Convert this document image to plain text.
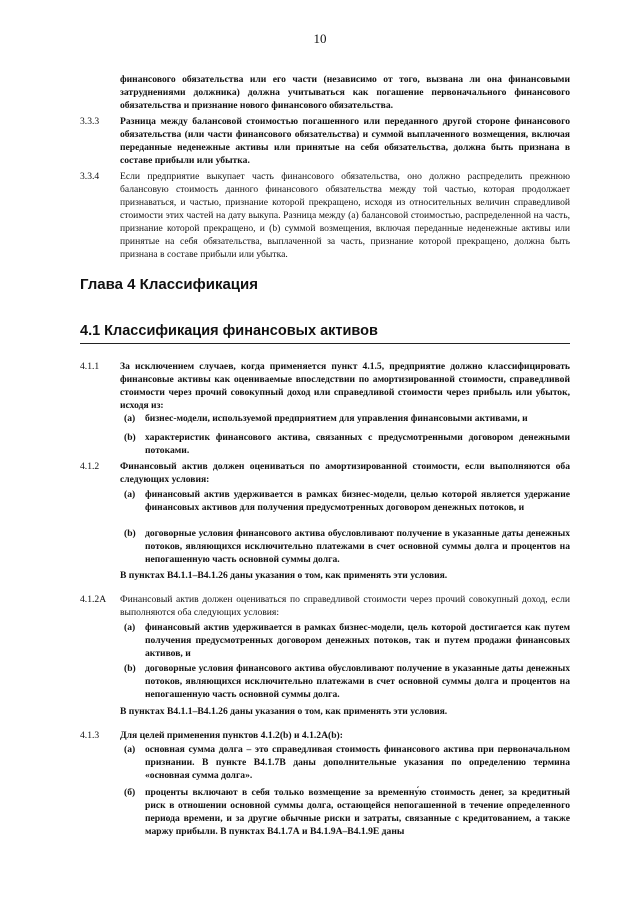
10
финансового обязательства или его части (независимо от того, вызвана ли она финансовыми затруднениями должника) должна учитываться как погашение первоначального финансового обязательства и признание нового финансового обязательства.
3.3.3 Разница между балансовой стоимостью погашенного или переданного другой стороне финансового обязательства (или части финансового обязательства) и суммой выплаченного возмещения, включая переданные неденежные активы или принятые на себя обязательства, должна быть признана в составе прибыли или убытка.
3.3.4 Если предприятие выкупает часть финансового обязательства, оно должно распределить прежнюю балансовую стоимость данного финансового обязательства между той частью, которая продолжает признаваться, и частью, признание которой прекращено, исходя из относительных величин справедливой стоимости этих частей на дату выкупа. Разница между (а) балансовой стоимостью, распределенной на часть, признание которой прекращено, и (b) суммой возмещения, включая переданные неденежные активы или принятые на себя обязательства, выплаченной за часть, признание которой прекращено, должна быть признана в составе прибыли или убытка.
Глава 4 Классификация
4.1 Классификация финансовых активов
4.1.1 За исключением случаев, когда применяется пункт 4.1.5, предприятие должно классифицировать финансовые активы как оцениваемые впоследствии по амортизированной стоимости, справедливой стоимости через прочий совокупный доход или справедливой стоимости через прибыль или убыток, исходя из:
(а) бизнес-модели, используемой предприятием для управления финансовыми активами, и
(b) характеристик финансового актива, связанных с предусмотренными договором денежными потоками.
4.1.2 Финансовый актив должен оцениваться по амортизированной стоимости, если выполняются оба следующих условия:
(а) финансовый актив удерживается в рамках бизнес-модели, целью которой является удержание финансовых активов для получения предусмотренных договором денежных потоков, и
(b) договорные условия финансового актива обусловливают получение в указанные даты денежных потоков, являющихся исключительно платежами в счет основной суммы долга и процентов на непогашенную часть основной суммы долга.
В пунктах В4.1.1–В4.1.26 даны указания о том, как применять эти условия.
4.1.2A Финансовый актив должен оцениваться по справедливой стоимости через прочий совокупный доход, если выполняются оба следующих условия:
(а) финансовый актив удерживается в рамках бизнес-модели, цель которой достигается как путем получения предусмотренных договором денежных потоков, так и путем продажи финансовых активов, и
(b) договорные условия финансового актива обусловливают получение в указанные даты денежных потоков, являющихся исключительно платежами в счет основной суммы долга и процентов на непогашенную часть основной суммы долга.
В пунктах В4.1.1–В4.1.26 даны указания о том, как применять эти условия.
4.1.3 Для целей применения пунктов 4.1.2(b) и 4.1.2A(b):
(а) основная сумма долга – это справедливая стоимость финансового актива при первоначальном признании. В пункте В4.1.7В даны дополнительные указания по определению термина «основная сумма долга».
(б) проценты включают в себя только возмещение за временну́ю стоимость денег, за кредитный риск в отношении основной суммы долга, остающейся непогашенной в течение определенного периода времени, и за другие обычные риски и затраты, связанные с кредитованием, а также маржу прибыли. В пунктах В4.1.7А и В4.1.9А–В4.1.9Е даны
